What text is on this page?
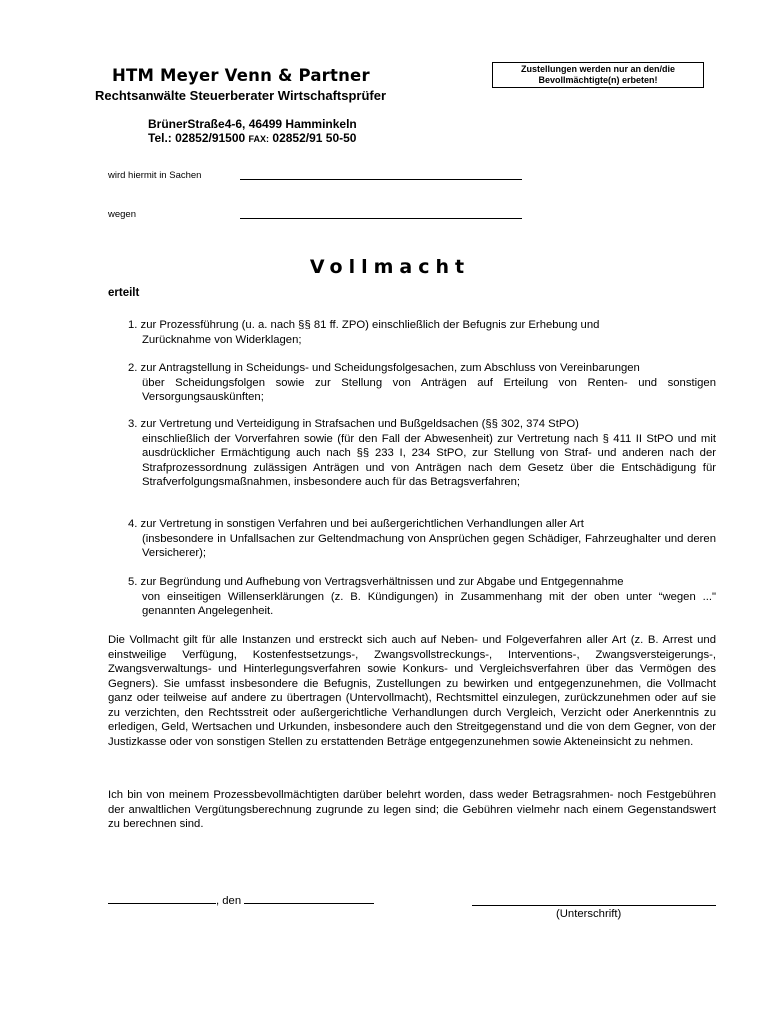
Zustellungen werden nur an den/die
Bevollmächtigte(n) erbeten!
HTM Meyer Venn & Partner
Rechtsanwälte Steuerberater Wirtschaftsprüfer
BrünerStraße4-6, 46499 Hamminkeln
Tel.: 02852/91500 FAX: 02852/91 50-50
wird hiermit in Sachen
wegen
Vollmacht
erteilt
1. zur Prozessführung (u. a. nach §§ 81 ff. ZPO) einschließlich der Befugnis zur Erhebung und
Zurücknahme von Widerklagen;
2. zur Antragstellung in Scheidungs- und Scheidungsfolgesachen, zum Abschluss von Vereinbarungen
über Scheidungsfolgen sowie zur Stellung von Anträgen auf Erteilung von Renten- und sonstigen Versorgungsauskünften;
3. zur Vertretung und Verteidigung in Strafsachen und Bußgeldsachen (§§ 302, 374 StPO)
einschließlich der Vorverfahren sowie (für den Fall der Abwesenheit) zur Vertretung nach § 411 II StPO und mit ausdrücklicher Ermächtigung auch nach §§ 233 I, 234 StPO, zur Stellung von Straf- und anderen nach der Strafprozessordnung zulässigen Anträgen und von Anträgen nach dem Gesetz über die Entschädigung für Strafverfolgungsmaßnahmen, insbesondere auch für das Betragsverfahren;
4. zur Vertretung in sonstigen Verfahren und bei außergerichtlichen Verhandlungen aller Art
(insbesondere in Unfallsachen zur Geltendmachung von Ansprüchen gegen Schädiger, Fahrzeughalter und deren Versicherer);
5. zur Begründung und Aufhebung von Vertragsverhältnissen und zur Abgabe und Entgegennahme
von einseitigen Willenserklärungen (z. B. Kündigungen) in Zusammenhang mit der oben unter “wegen ..." genannten Angelegenheit.
Die Vollmacht gilt für alle Instanzen und erstreckt sich auch auf Neben- und Folgeverfahren aller Art (z. B. Arrest und einstweilige Verfügung, Kostenfestsetzungs-, Zwangsvollstreckungs-, Interventions-, Zwangsversteigerungs-, Zwangsverwaltungs- und Hinterlegungsverfahren sowie Konkurs- und Vergleichsverfahren über das Vermögen des Gegners). Sie umfasst insbesondere die Befugnis, Zustellungen zu bewirken und entgegenzunehmen, die Vollmacht ganz oder teilweise auf andere zu übertragen (Untervollmacht), Rechtsmittel einzulegen, zurückzunehmen oder auf sie zu verzichten, den Rechtsstreit oder außergerichtliche Verhandlungen durch Vergleich, Verzicht oder Anerkenntnis zu erledigen, Geld, Wertsachen und Urkunden, insbesondere auch den Streitgegenstand und die von dem Gegner, von der Justizkasse oder von sonstigen Stellen zu erstattenden Beträge entgegenzunehmen sowie Akteneinsicht zu nehmen.
Ich bin von meinem Prozessbevollmächtigten darüber belehrt worden, dass weder Betragsrahmen- noch Festgebühren der anwaltlichen Vergütungsberechnung zugrunde zu legen sind; die Gebühren vielmehr nach einem Gegenstandswert zu berechnen sind.
, den
(Unterschrift)
